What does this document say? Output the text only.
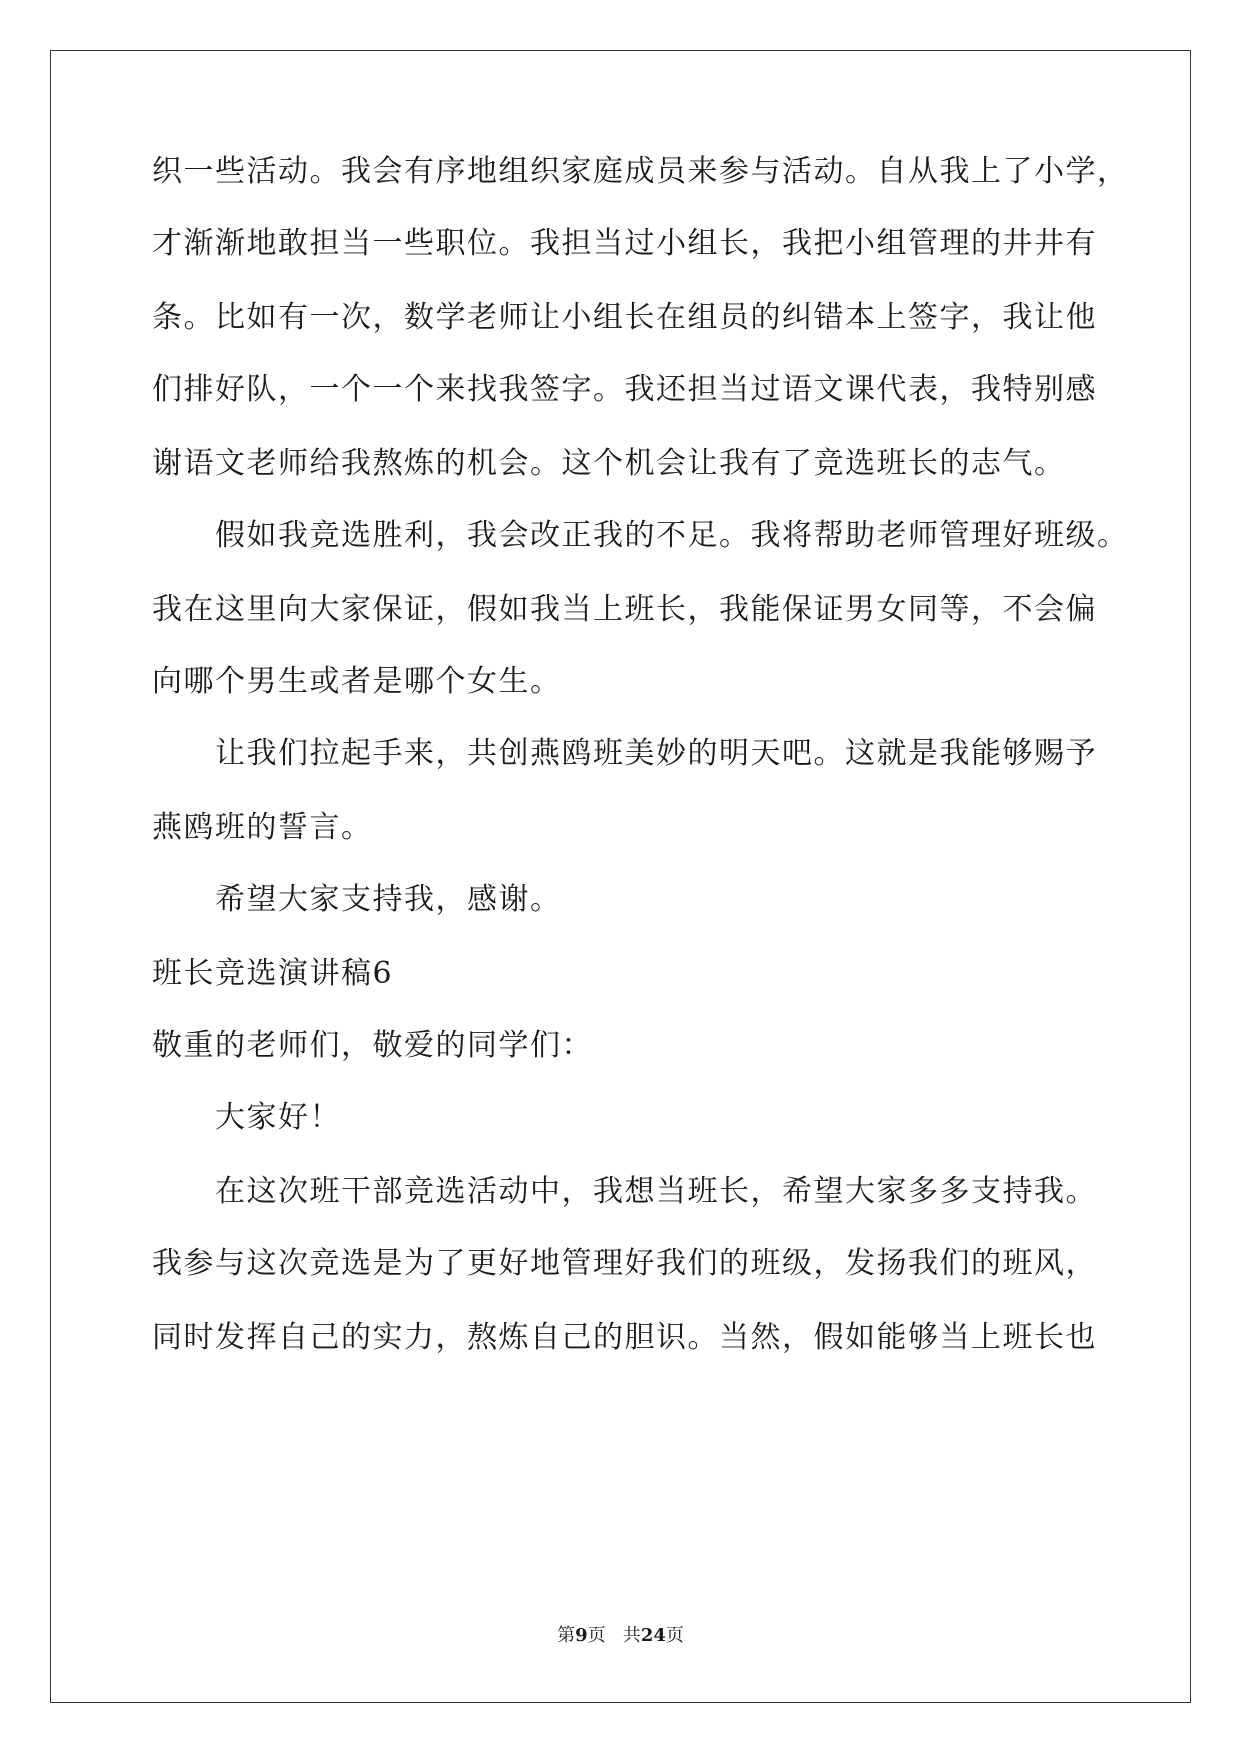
织一些活动。我会有序地组织家庭成员来参与活动。自从我上了小学，
才渐渐地敢担当一些职位。我担当过小组长，我把小组管理的井井有
条。比如有一次，数学老师让小组长在组员的纠错本上签字，我让他
们排好队，一个一个来找我签字。我还担当过语文课代表，我特别感
谢语文老师给我熬炼的机会。这个机会让我有了竞选班长的志气。
假如我竞选胜利，我会改正我的不足。我将帮助老师管理好班级。
我在这里向大家保证，假如我当上班长，我能保证男女同等，不会偏
向哪个男生或者是哪个女生。
让我们拉起手来，共创燕鸥班美妙的明天吧。这就是我能够赐予
燕鸥班的誓言。
希望大家支持我，感谢。
班长竞选演讲稿6
敬重的老师们，敬爱的同学们：
大家好！
在这次班干部竞选活动中，我想当班长，希望大家多多支持我。
我参与这次竞选是为了更好地管理好我们的班级，发扬我们的班风，
同时发挥自己的实力，熬炼自己的胆识。当然，假如能够当上班长也
第9页 共24页
